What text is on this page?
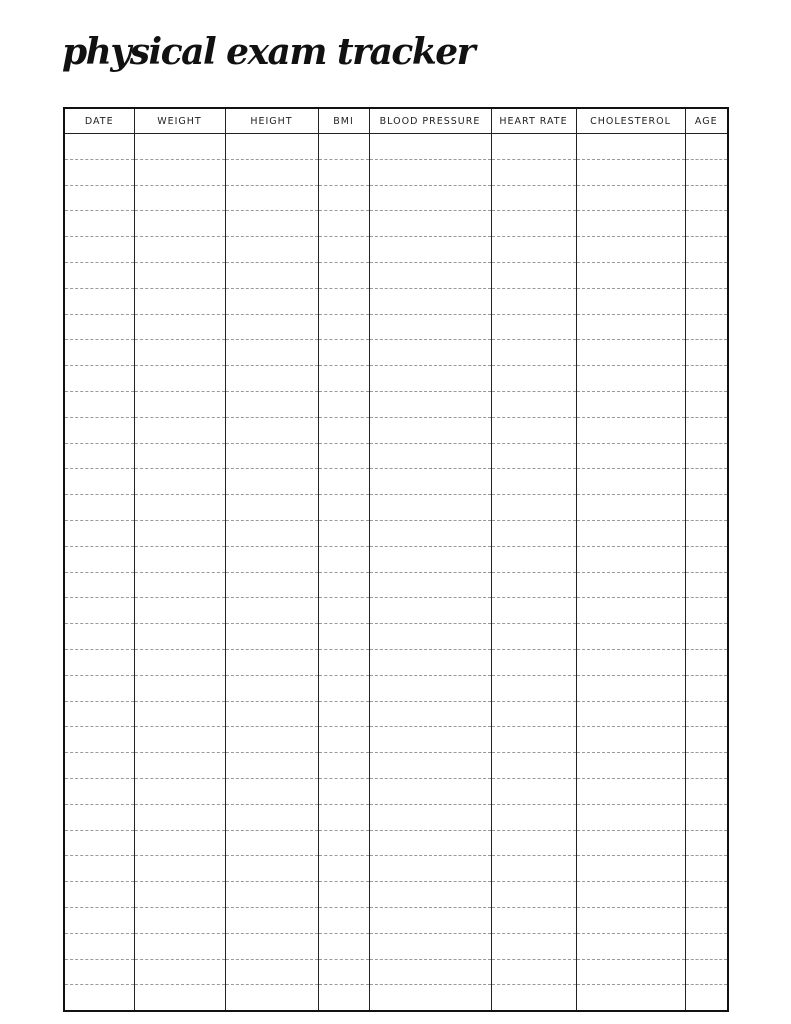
physical exam tracker
DATE	WEIGHT	HEIGHT	BMI	BLOOD PRESSURE	HEART RATE	CHOLESTEROL	AGE
